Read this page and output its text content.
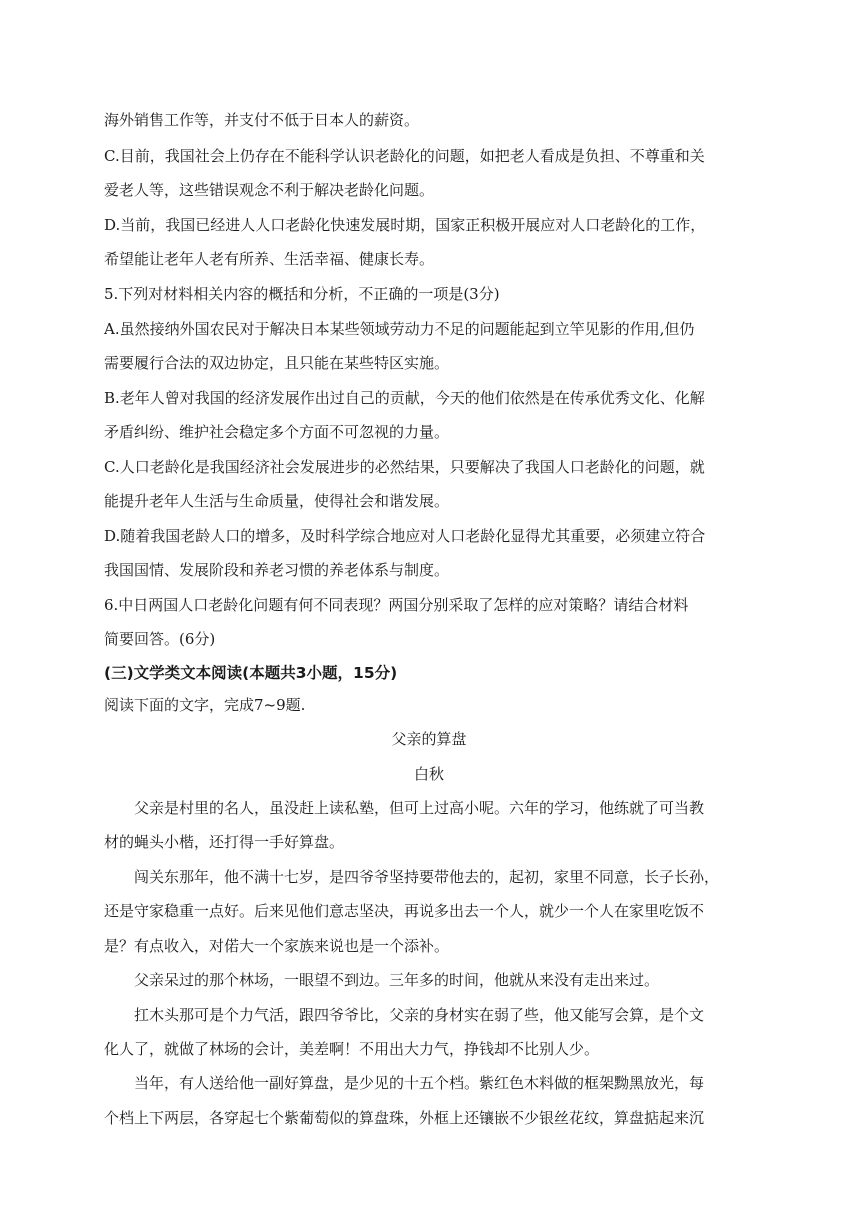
海外销售工作等，并支付不低于日本人的薪资。
C.目前，我国社会上仍存在不能科学认识老龄化的问题，如把老人看成是负担、不尊重和关
爱老人等，这些错误观念不利于解决老龄化问题。
D.当前，我国已经进人人口老龄化快速发展时期，国家正积极开展应对人口老龄化的工作，
希望能让老年人老有所养、生活幸福、健康长寿。
5.下列对材料相关内容的概括和分析，不正确的一项是(3分)
A.虽然接纳外国农民对于解决日本某些领域劳动力不足的问题能起到立竿见影的作用,但仍
需要履行合法的双边协定，且只能在某些特区实施。
B.老年人曾对我国的经济发展作出过自己的贡献，今天的他们依然是在传承优秀文化、化解
矛盾纠纷、维护社会稳定多个方面不可忽视的力量。
C.人口老龄化是我国经济社会发展进步的必然结果，只要解决了我国人口老龄化的问题，就
能提升老年人生活与生命质量，使得社会和谐发展。
D.随着我国老龄人口的增多，及时科学综合地应对人口老龄化显得尤其重要，必须建立符合
我国国情、发展阶段和养老习惯的养老体系与制度。
6.中日两国人口老龄化问题有何不同表现？两国分别采取了怎样的应对策略？请结合材料
简要回答。(6分)
(三)文学类文本阅读(本题共3小题，15分)
阅读下面的文字，完成7~9题.
父亲的算盘
白秋
父亲是村里的名人，虽没赶上读私塾，但可上过高小呢。六年的学习，他练就了可当教
材的蝇头小楷，还打得一手好算盘。
闯关东那年，他不满十七岁，是四爷爷坚持要带他去的，起初，家里不同意，长子长孙，
还是守家稳重一点好。后来见他们意志坚决，再说多出去一个人，就少一个人在家里吃饭不
是？有点收入，对偌大一个家族来说也是一个添补。
父亲呆过的那个林场，一眼望不到边。三年多的时间，他就从来没有走出来过。
扛木头那可是个力气活，跟四爷爷比，父亲的身材实在弱了些，他又能写会算，是个文
化人了，就做了林场的会计，美差啊！不用出大力气，挣钱却不比别人少。
当年，有人送给他一副好算盘，是少见的十五个档。紫红色木料做的框架黝黑放光，每
个档上下两层，各穿起七个紫葡萄似的算盘珠，外框上还镶嵌不少银丝花纹，算盘掂起来沉
